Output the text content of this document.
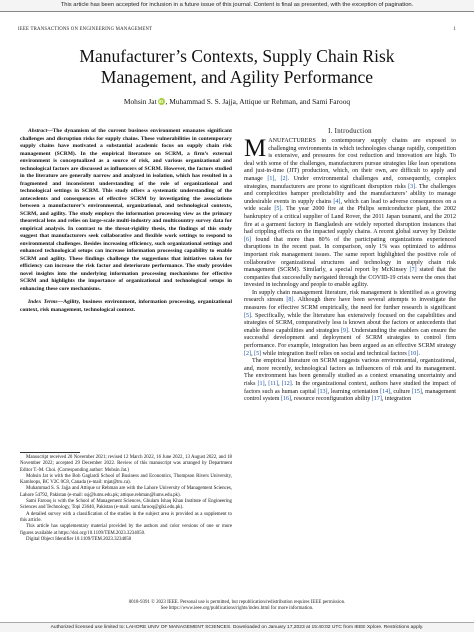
This article has been accepted for inclusion in a future issue of this journal. Content is final as presented, with the exception of pagination.
IEEE TRANSACTIONS ON ENGINEERING MANAGEMENT	1
Manufacturer’s Contexts, Supply Chain Risk Management, and Agility Performance
Mohsin Jat iD , Muhammad S. S. Jajja, Attique ur Rehman, and Sami Farooq

Abstract—The dynamism of the current business environment emanates significant challenges and disruption risks for supply chains. These vulnerabilities in contemporary supply chains have motivated a substantial academic focus on supply chain risk management (SCRM). In the empirical literature on SCRM, a firm’s external environment is conceptualized as a source of risk, and various organizational and technological factors are discussed as influencers of SCRM. However, the factors studied in the literature are generally narrow and analyzed in isolation, which has resulted in a fragmented and inconsistent understanding of the role of organizational and technological settings in SCRM. This study offers a systematic understanding of the antecedents and consequences of effective SCRM by investigating the associations between a manufacturer’s environmental, organizational, and technological contexts, SCRM, and agility. The study employs the information processing view as the primary theoretical lens and relies on large-scale multi-industry and multicountry survey data for empirical analysis. In contrast to the threat-rigidity thesis, the findings of this study suggest that manufacturers seek collaborative and flexible work settings to respond to environmental challenges. Besides increasing efficiency, such organizational settings and enhanced technological setups can increase information processing capability to enable SCRM and agility. These findings challenge the suggestions that initiatives taken for efficiency can increase the risk factor and deteriorate performance. The study provides novel insights into the underlying information processing mechanisms for effective SCRM and highlights the importance of organizational and technological setups in enhancing these core mechanisms.

Index Terms—Agility, business environment, information processing, organizational context, risk management, technological context.

Manuscript received 20 November 2021; revised 12 March 2022, 16 June 2022, 13 August 2022, and 18 November 2022; accepted 29 December 2022. Review of this manuscript was arranged by Department Editor T.-M. Choi. (Corresponding author: Mohsin Jat.)

Mohsin Jat is with the Bob Gaglardi School of Business and Economics, Thompson Rivers University, Kamloops, BC V2C 0C8, Canada (e-mail: mjat@tru.ca).

Muhammad S. S. Jajja and Attique ur Rehman are with the Lahore University of Management Sciences, Lahore 54792, Pakistan (e-mail: ssj@lums.edu.pk; attique.rehman@lums.edu.pk).

Sami Farooq is with the School of Management Sciences, Ghulam Ishaq Khan Institute of Engineering Sciences and Technology, Topi 23640, Pakistan (e-mail: sami.farooq@giki.edu.pk).

A detailed survey with a classification of the studies in the subject area is provided as a supplement to this article.

This article has supplementary material provided by the authors and color versions of one or more figures available at https://doi.org/10.1109/TEM.2023.3234050.

Digital Object Identifier 10.1109/TEM.2023.3234050

I. Introduction

MANUFACTURERS in contemporary supply chains are exposed to challenging environments in which technologies change rapidly, competition is extensive, and pressures for cost reduction and innovation are high. To deal with some of the challenges, manufacturers pursue strategies like lean operations and just-in-time (JIT) production, which, on their own, are difficult to apply and manage [1], [2]. Under environmental challenges and, consequently, complex strategies, manufacturers are prone to significant disruption risks [3]. The challenges and complexities hamper predictability and the manufacturers’ ability to manage undesirable events in supply chains [4], which can lead to adverse consequences on a wide scale [5]. The year 2000 fire at the Philips semiconductor plant, the 2002 bankruptcy of a critical supplier of Land Rover, the 2011 Japan tsunami, and the 2012 fire at a garment factory in Bangladesh are widely reported disruption instances that had crippling effects on the impacted supply chains. A recent global survey by Deloite [6] found that more than 80% of the participating organizations experienced disruptions in the recent past. In comparison, only 1% was optimized to address important risk management issues. The same report highlighted the positive role of collaborative organizational structures and technology in supply chain risk management (SCRM). Similarly, a special report by McKinsey [7] stated that the companies that successfully navigated through the COVID-19 crisis were the ones that invested in technology and people to enable agility.

In supply chain management literature, risk management is identified as a growing research stream [8]. Although there have been several attempts to investigate the measures for effective SCRM empirically, the need for further research is significant [5]. Specifically, while the literature has extensively focused on the capabilities and strategies of SCRM, comparatively less is known about the factors or antecedents that enable these capabilities and strategies [9]. Understanding the enablers can ensure the successful development and deployment of SCRM strategies to control firm performance. For example, integration has been argued as an effective SCRM strategy [2], [5] while integration itself relies on social and technical factors [10].

The empirical literature on SCRM suggests various environmental, organizational, and, more recently, technological factors as influencers of risk and its management. The environment has been generally studied as a context emanating uncertainty and risks [1], [11], [12]. In the organizational context, authors have studied the impact of factors such as human capital [13], learning orientation [14], culture [15], management control system [16], resource reconfiguration ability [17], integration

0018-9391 © 2023 IEEE. Personal use is permitted, but republication/redistribution requires IEEE permission.
See https://www.ieee.org/publications/rights/index.html for more information.
Authorized licensed use limited to: LAHORE UNIV OF MANAGEMENT SCIENCES. Downloaded on January 17,2023 at 15:40:02 UTC from IEEE Xplore. Restrictions apply.
